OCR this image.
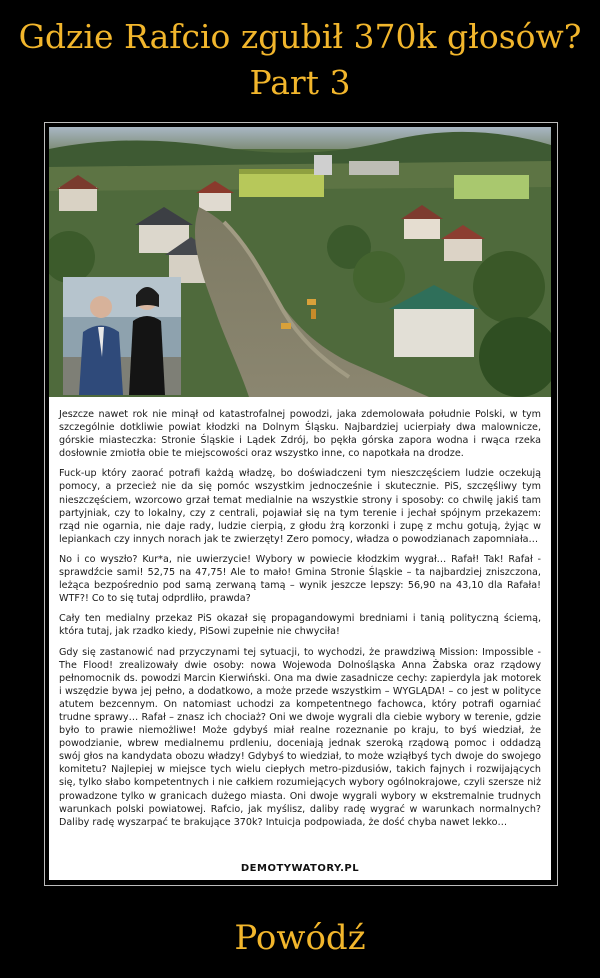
Gdzie Rafcio zgubił 370k głosów?
Part 3

Jeszcze nawet rok nie minął od katastrofalnej powodzi, jaka zdemolowała południe Polski, w tym szczególnie dotkliwie powiat kłodzki na Dolnym Śląsku. Najbardziej ucierpiały dwa malownicze, górskie miasteczka: Stronie Śląskie i Lądek Zdrój, bo pękła górska zapora wodna i rwąca rzeka dosłownie zmiotła obie te miejscowości oraz wszystko inne, co napotkała na drodze.

Fuck-up który zaorać potrafi każdą władzę, bo doświadczeni tym nieszczęściem ludzie oczekują pomocy, a przecież nie da się pomóc wszystkim jednocześnie i skutecznie. PiS, szczęśliwy tym nieszczęściem, wzorcowo grzał temat medialnie na wszystkie strony i sposoby: co chwilę jakiś tam partyjniak, czy to lokalny, czy z centrali, pojawiał się na tym terenie i jechał spójnym przekazem: rząd nie ogarnia, nie daje rady, ludzie cierpią, z głodu żrą korzonki i zupę z mchu gotują, żyjąc w lepiankach czy innych norach jak te zwierzęty! Zero pomocy, władza o powodzianach zapomniała…

No i co wyszło? Kur*a, nie uwierzycie! Wybory w powiecie kłodzkim wygrał… Rafał! Tak! Rafał - sprawdźcie sami! 52,75 na 47,75! Ale to mało! Gmina Stronie Śląskie – ta najbardziej zniszczona, leżąca bezpośrednio pod samą zerwaną tamą – wynik jeszcze lepszy: 56,90 na 43,10 dla Rafała! WTF?! Co to się tutaj odprdliło, prawda?

Cały ten medialny przekaz PiS okazał się propagandowymi bredniami i tanią polityczną ściemą, która tutaj, jak rzadko kiedy, PiSowi zupełnie nie chwyciła!

Gdy się zastanowić nad przyczynami tej sytuacji, to wychodzi, że prawdziwą Mission: Impossible - The Flood! zrealizowały dwie osoby: nowa Wojewoda Dolnośląska Anna Żabska oraz rządowy pełnomocnik ds. powodzi Marcin Kierwiński. Ona ma dwie zasadnicze cechy: zapierdyla jak motorek i wszędzie bywa jej pełno, a dodatkowo, a może przede wszystkim – WYGLĄDA! – co jest w polityce atutem bezcennym. On natomiast uchodzi za kompetentnego fachowca, który potrafi ogarniać trudne sprawy… Rafał – znasz ich chociaż? Oni we dwoje wygrali dla ciebie wybory w terenie, gdzie było to prawie niemożliwe! Może gdybyś miał realne rozeznanie po kraju, to byś wiedział, że powodzianie, wbrew medialnemu prdleniu, doceniają jednak szeroką rządową pomoc i oddadzą swój głos na kandydata obozu władzy! Gdybyś to wiedział, to może wziąłbyś tych dwoje do swojego komitetu? Najlepiej w miejsce tych wielu ciepłych metro-pizdusiów, takich fajnych i rozwijających się, tylko słabo kompetentnych i nie całkiem rozumiejących wybory ogólnokrajowe, czyli szersze niż prowadzone tylko w granicach dużego miasta. Oni dwoje wygrali wybory w ekstremalnie trudnych warunkach polski powiatowej. Rafcio, jak myślisz, daliby radę wygrać w warunkach normalnych? Daliby radę wyszarpać te brakujące 370k? Intuicja podpowiada, że dość chyba nawet lekko…

DEMOTYWATORY.PL
Powódź
